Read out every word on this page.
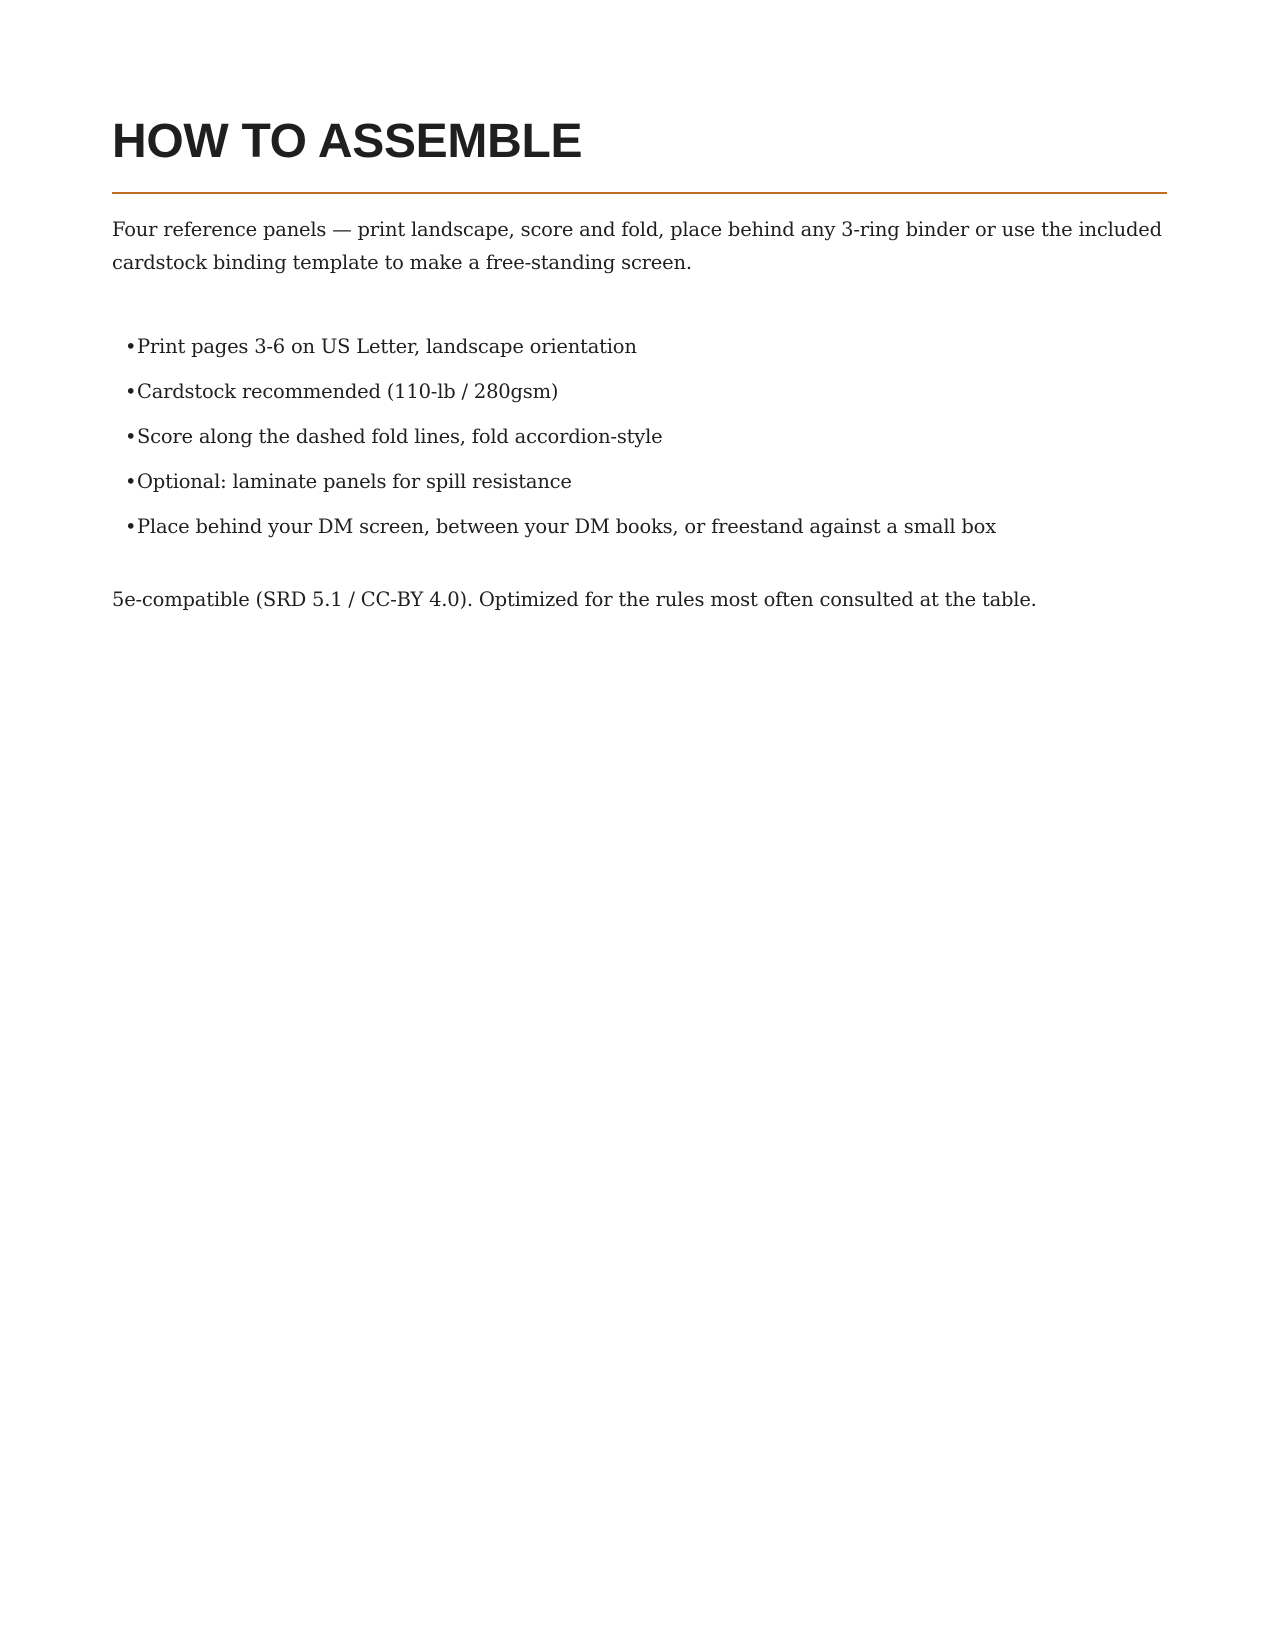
HOW TO ASSEMBLE

Four reference panels — print landscape, score and fold, place behind any 3-ring binder or use the included cardstock binding template to make a free-standing screen.

•Print pages 3-6 on US Letter, landscape orientation
•Cardstock recommended (110-lb / 280gsm)
•Score along the dashed fold lines, fold accordion-style
•Optional: laminate panels for spill resistance
•Place behind your DM screen, between your DM books, or freestand against a small box

5e-compatible (SRD 5.1 / CC-BY 4.0). Optimized for the rules most often consulted at the table.
